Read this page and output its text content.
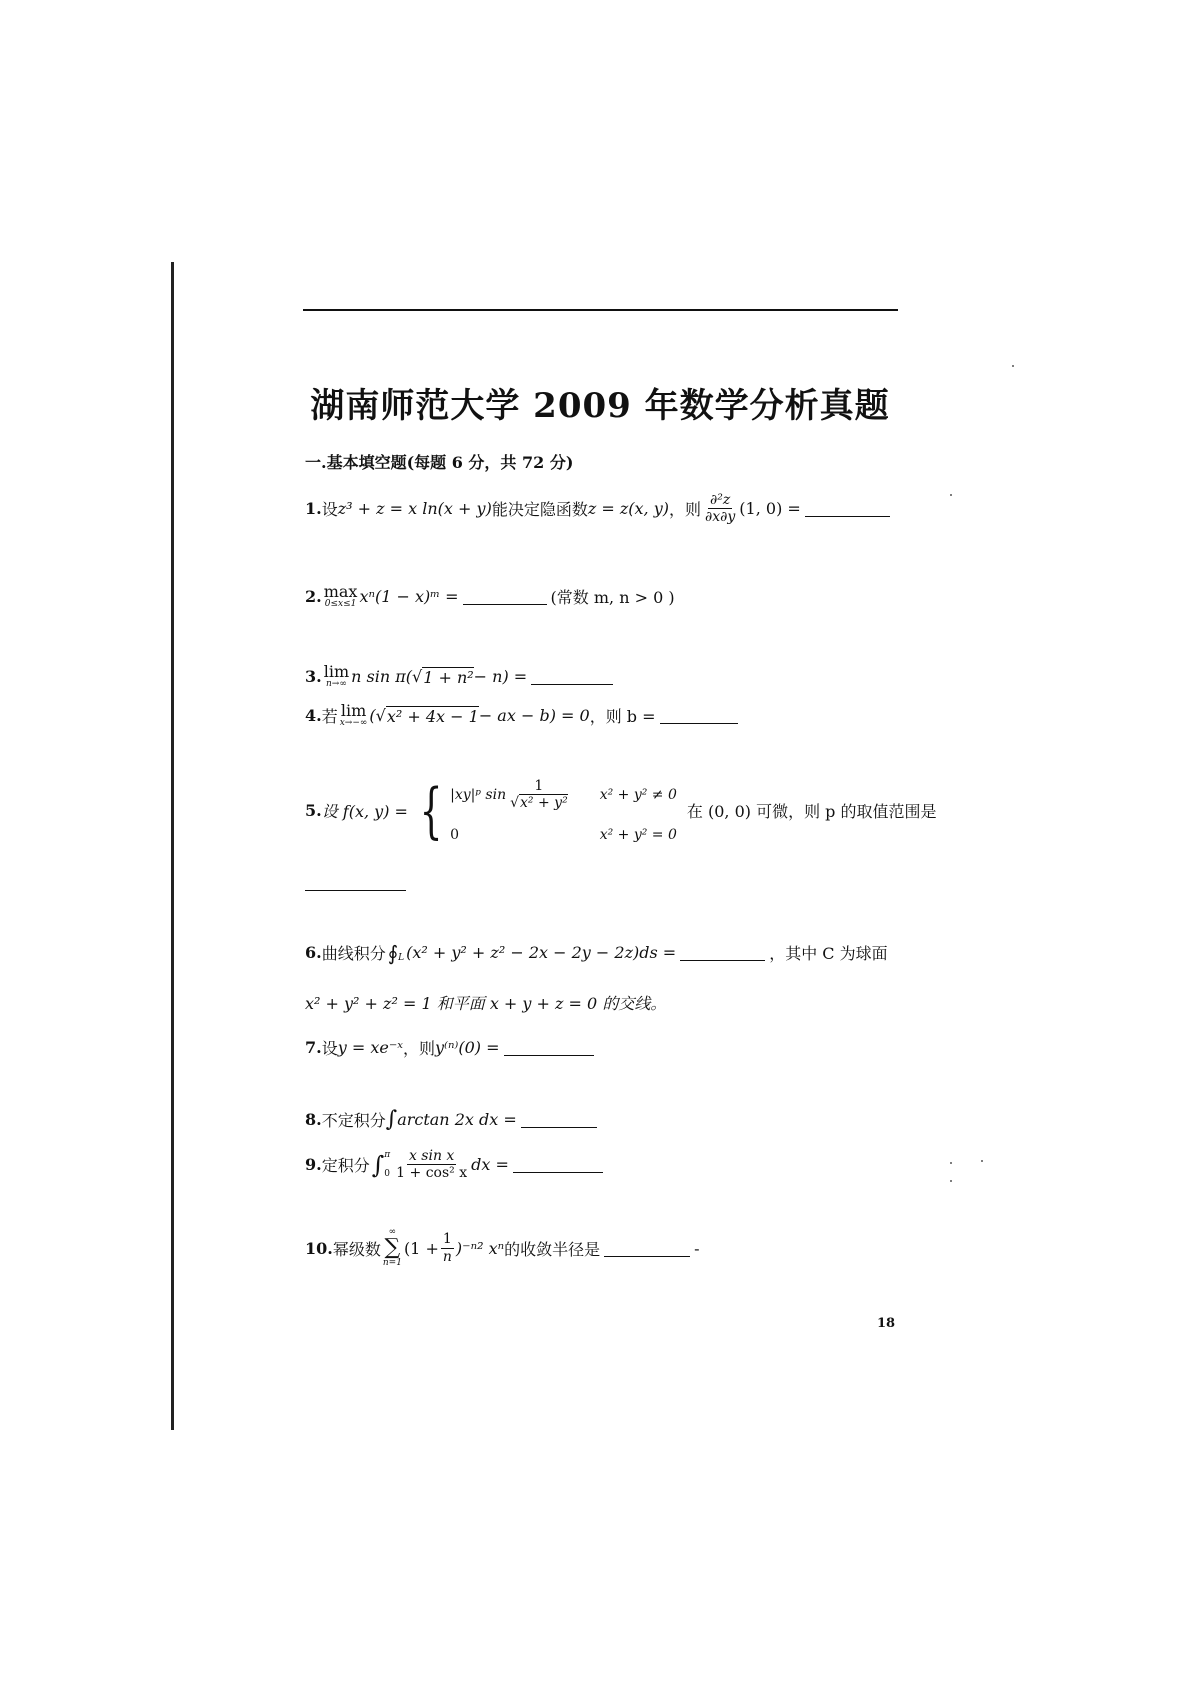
湖南师范大学 2009 年数学分析真题
一.基本填空题(每题 6 分，共 72 分)
1. 设 z³ + z = x ln(x + y) 能决定隐函数 z = z(x, y) ，则 $\frac{\text{∂²z}}{\partial x\partial y} (1$, 0) =
2. max
0≤x≤1 xⁿ(1 − x)ᵐ =	(常数 m, n > 0 )
3. lim
n→∞ n sin π( √ 1 + n² − n) =
4. 若 lim
x→−∞ ( √ x² + 4x − 1 − ax − b) = 0 ，则 b =
5. 设 f(x, y) = { |xy|ᵖ $\sin \frac{1}{\text{√x² + y²}} x^2 + y^2 \ne 0$
0	x² + y² = 0
在 (0, 0) 可微，则 p 的取值范围是
6. 曲线积分 ∮ L (x² + y² + z² − 2x − 2y − 2z)ds =	，其中 C 为球面
x² + y² + z² = 1 和平面 x + y + z = 0 的交线。
7. 设 y = xe⁻ˣ ，则 y⁽ⁿ⁾(0) =
8. 不定积分 ∫ arctan 2x dx =
9. 定积分 ∫ π
$0 \frac{\text{x sin x}}{\text{1 + cos² x}}$ dx =
10. 幂级数
∞
∑
n=1
$(1 + \frac{1}{n} )^{-n2}$ xⁿ 的收敛半径是	-
18
